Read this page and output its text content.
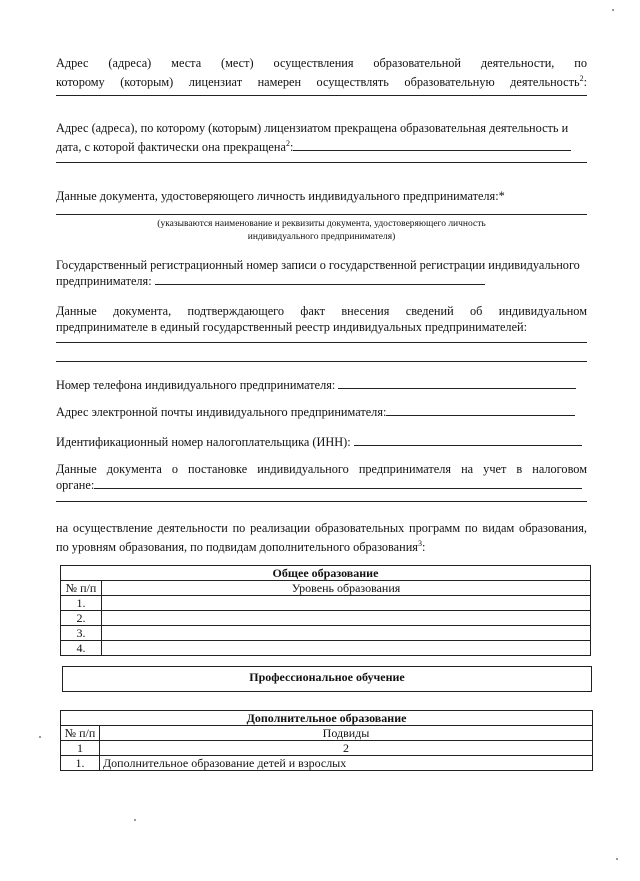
Адрес (адреса) места (мест) осуществления образовательной деятельности, по

которому (которым) лицензиат намерен осуществлять образовательную деятельность$^2$:

Адрес (адреса), по которому (которым) лицензиатом прекращена образовательная деятельность и

дата, с которой фактически она прекращена$^2$:

Данные документа, удостоверяющего личность индивидуального предпринимателя:*

(указываются наименование и реквизиты документа, удостоверяющего личность
индивидуального предпринимателя)

Государственный регистрационный номер записи о государственной регистрации индивидуального

предпринимателя:

Данные документа, подтверждающего факт внесения сведений об индивидуальном

предпринимателе в единый государственный реестр индивидуальных предпринимателей:

Номер телефона индивидуального предпринимателя:

Адрес электронной почты индивидуального предпринимателя:

Идентификационный номер налогоплательщика (ИНН):

Данные документа о постановке индивидуального предпринимателя на учет в налоговом

органе:

на осуществление деятельности по реализации образовательных программ по видам образования,

по уровням образования, по подвидам дополнительного образования$^3$:

Общее образование	
№ п/п	Уровень образования
1.	
2.	
3.	
4.	
Профессиональное обучение
Дополнительное образование	
№ п/п	Подвиды
1	2
1.	Дополнительное образование детей и взрослых
